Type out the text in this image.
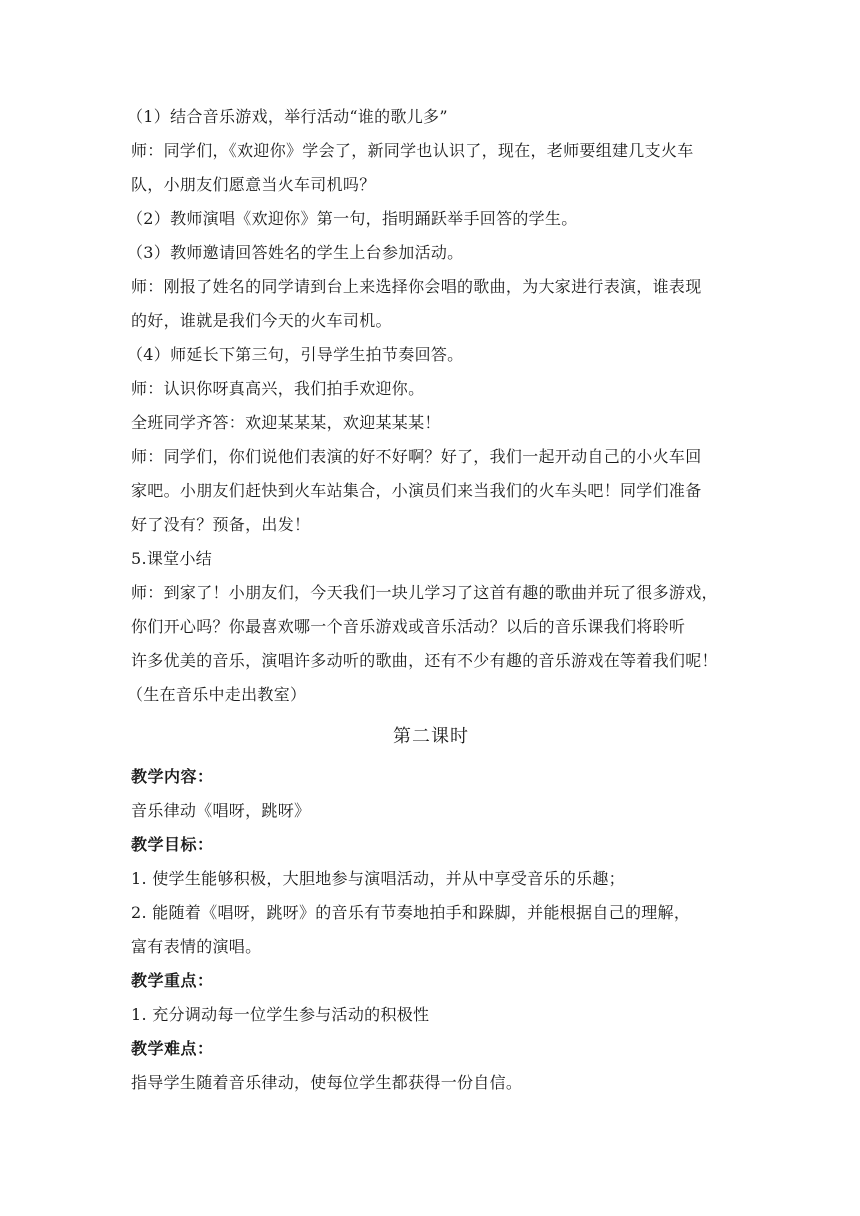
（1）结合音乐游戏，举行活动“谁的歌儿多”
师：同学们，《欢迎你》学会了，新同学也认识了，现在，老师要组建几支火车
队，小朋友们愿意当火车司机吗？
（2）教师演唱《欢迎你》第一句，指明踊跃举手回答的学生。
（3）教师邀请回答姓名的学生上台参加活动。
师：刚报了姓名的同学请到台上来选择你会唱的歌曲，为大家进行表演，谁表现
的好，谁就是我们今天的火车司机。
（4）师延长下第三句，引导学生拍节奏回答。
师：认识你呀真高兴，我们拍手欢迎你。
全班同学齐答：欢迎某某某，欢迎某某某！
师：同学们，你们说他们表演的好不好啊？好了，我们一起开动自己的小火车回
家吧。小朋友们赶快到火车站集合，小演员们来当我们的火车头吧！同学们准备
好了没有？预备，出发！
5.课堂小结
师：到家了！小朋友们，今天我们一块儿学习了这首有趣的歌曲并玩了很多游戏，
你们开心吗？你最喜欢哪一个音乐游戏或音乐活动？以后的音乐课我们将聆听
许多优美的音乐，演唱许多动听的歌曲，还有不少有趣的音乐游戏在等着我们呢！
（生在音乐中走出教室）
第二课时
教学内容：
音乐律动《唱呀，跳呀》
教学目标：
1. 使学生能够积极，大胆地参与演唱活动，并从中享受音乐的乐趣；
2. 能随着《唱呀，跳呀》的音乐有节奏地拍手和跺脚，并能根据自己的理解，
富有表情的演唱。
教学重点：
1. 充分调动每一位学生参与活动的积极性
教学难点：
指导学生随着音乐律动，使每位学生都获得一份自信。
